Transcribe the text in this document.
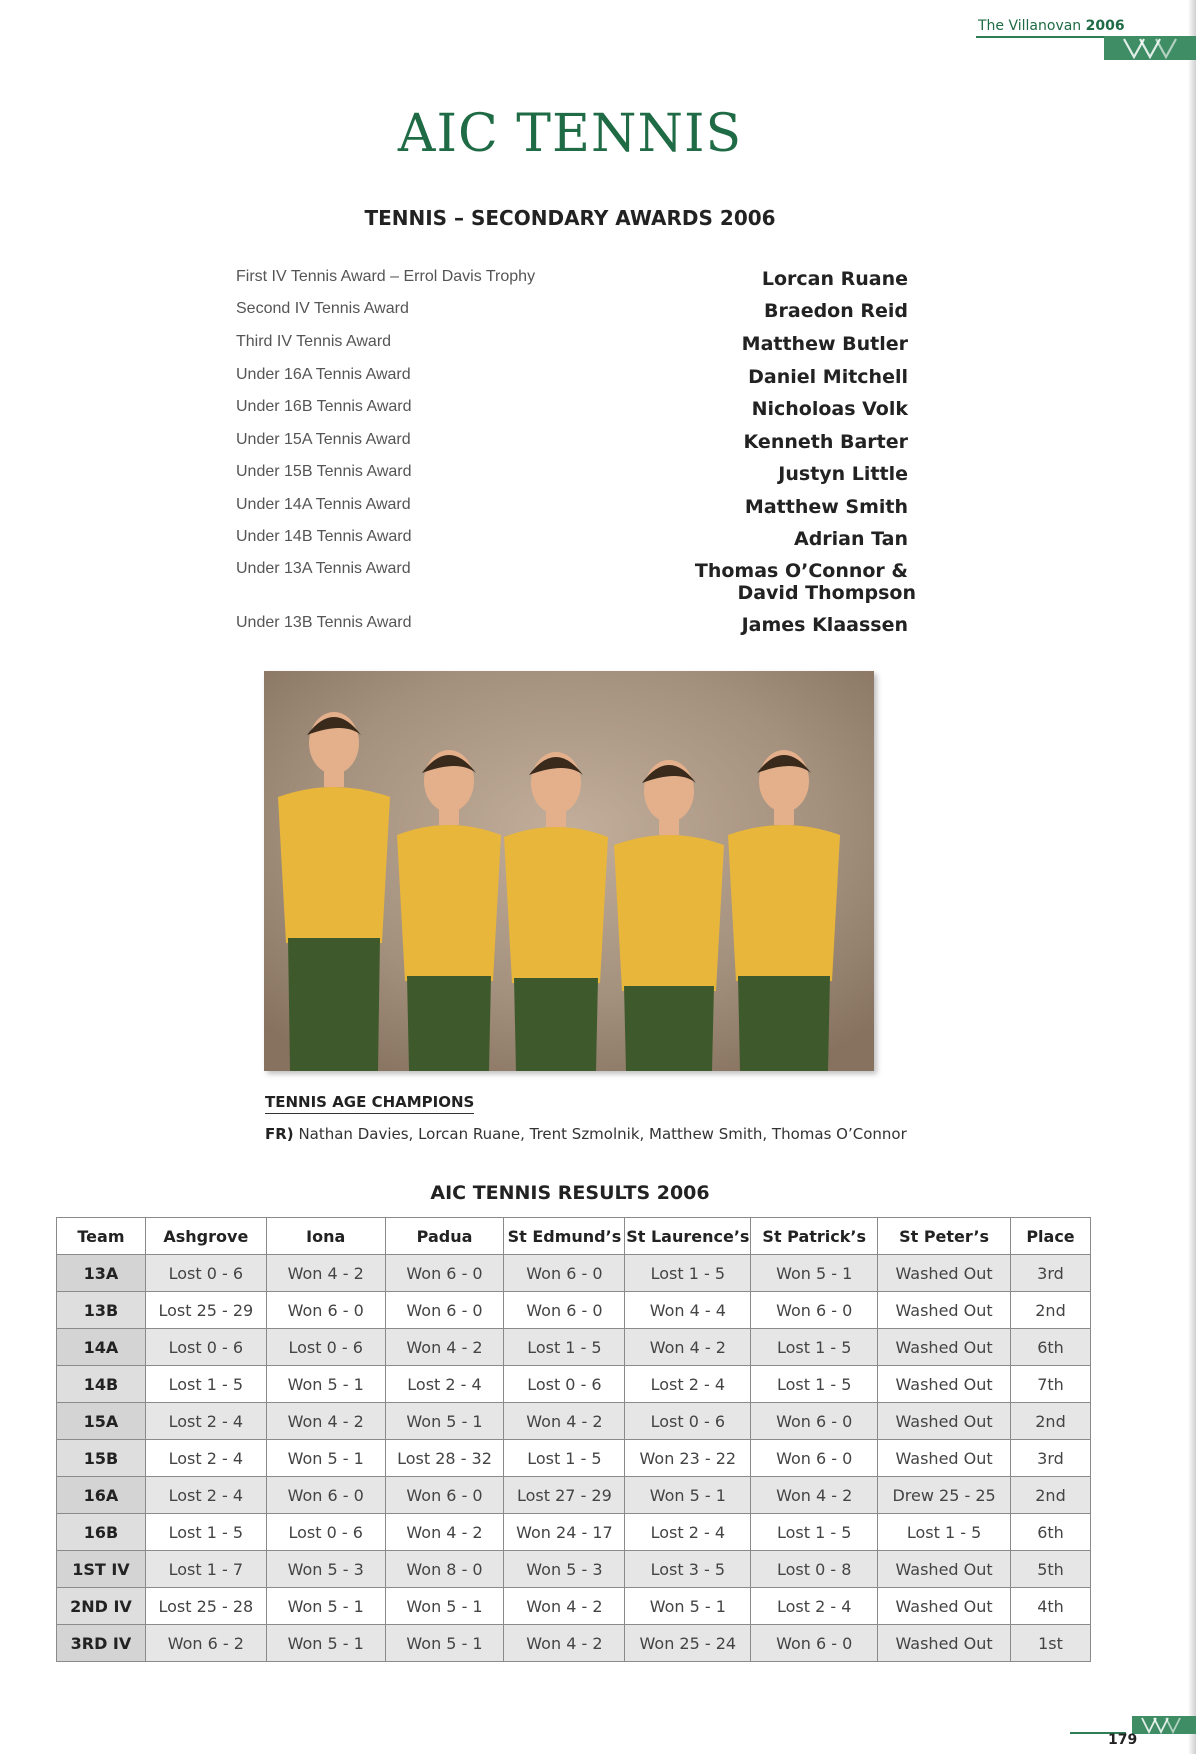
The Villanovan 2006
AIC TENNIS
TENNIS – SECONDARY AWARDS 2006
First IV Tennis Award – Errol Davis Trophy	Lorcan Ruane
Second IV Tennis Award	Braedon Reid
Third IV Tennis Award	Matthew Butler
Under 16A Tennis Award	Daniel Mitchell
Under 16B Tennis Award	Nicholoas Volk
Under 15A Tennis Award	Kenneth Barter
Under 15B Tennis Award	Justyn Little
Under 14A Tennis Award	Matthew Smith
Under 14B Tennis Award	Adrian Tan
Under 13A Tennis Award	Thomas O’Connor &
David Thompson
Under 13B Tennis Award	James Klaassen
TENNIS AGE CHAMPIONS
FR) Nathan Davies, Lorcan Ruane, Trent Szmolnik, Matthew Smith, Thomas O’Connor
AIC TENNIS RESULTS 2006
Team	Ashgrove	Iona	Padua	St Edmund’s	St Laurence’s	St Patrick’s	St Peter’s	Place
13A	Lost 0 - 6	Won 4 - 2	Won 6 - 0	Won 6 - 0	Lost 1 - 5	Won 5 - 1	Washed Out	3rd
13B	Lost 25 - 29	Won 6 - 0	Won 6 - 0	Won 6 - 0	Won 4 - 4	Won 6 - 0	Washed Out	2nd
14A	Lost 0 - 6	Lost 0 - 6	Won 4 - 2	Lost 1 - 5	Won 4 - 2	Lost 1 - 5	Washed Out	6th
14B	Lost 1 - 5	Won 5 - 1	Lost 2 - 4	Lost 0 - 6	Lost 2 - 4	Lost 1 - 5	Washed Out	7th
15A	Lost 2 - 4	Won 4 - 2	Won 5 - 1	Won 4 - 2	Lost 0 - 6	Won 6 - 0	Washed Out	2nd
15B	Lost 2 - 4	Won 5 - 1	Lost 28 - 32	Lost 1 - 5	Won 23 - 22	Won 6 - 0	Washed Out	3rd
16A	Lost 2 - 4	Won 6 - 0	Won 6 - 0	Lost 27 - 29	Won 5 - 1	Won 4 - 2	Drew 25 - 25	2nd
16B	Lost 1 - 5	Lost 0 - 6	Won 4 - 2	Won 24 - 17	Lost 2 - 4	Lost 1 - 5	Lost 1 - 5	6th
1ST IV	Lost 1 - 7	Won 5 - 3	Won 8 - 0	Won 5 - 3	Lost 3 - 5	Lost 0 - 8	Washed Out	5th
2ND IV	Lost 25 - 28	Won 5 - 1	Won 5 - 1	Won 4 - 2	Won 5 - 1	Lost 2 - 4	Washed Out	4th
3RD IV	Won 6 - 2	Won 5 - 1	Won 5 - 1	Won 4 - 2	Won 25 - 24	Won 6 - 0	Washed Out	1st
179
